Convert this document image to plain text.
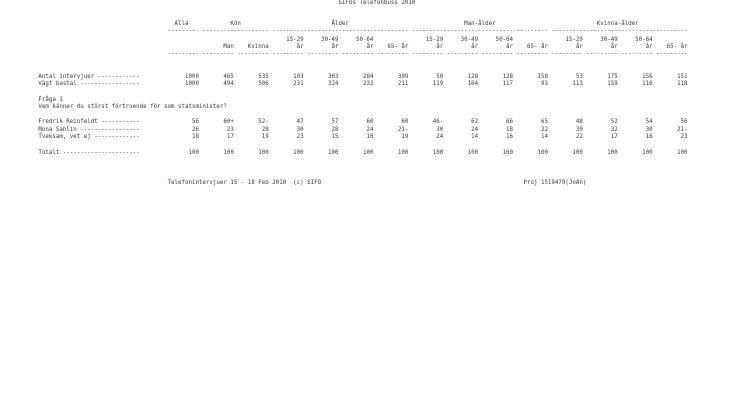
SIFOs Telefonbuss 2010
Alla            Kön                          Ålder                                 Man-ålder                             Kvinna-ålder
--------- ------------------- --------------------------------------- --------------------------------------- ---------------------------------------
15-29     30-49     50-64               15-29     30-49     50-64               15-29     30-49     50-64
Man    Kvinna        år        år        år    65- år        år        år        år    65- år        år        år        år    65- år
--------- --------- --------- --------- --------- --------- --------- --------- --------- --------- --------- --------- --------- --------- ---------
Antal intervjuer ------------             1000       465       535       103       303       284       309        50       128       128       158        53       175       156       151
Vägt bastal -----------------             1000       494       506       231       324       233       211       119       164       117        93       113       159       116       118
Fråga 1
Vem känner du störst förtroende för som statsminister?
Fredrik Reinfeldt -----------               56       60+       52-        47        57        60        60       46-        62        66        65        48        52        54        56
Mona Sahlin -----------------               26        23        28        30        28        24       21-        30        24        18        22        30        32        30       21-
Tveksam, vet ej -------------               18        17        19        23        15        16        19        24        14        16        14        22        17        16        23
Totalt ----------------------              100       100       100       100       100       100       100       100       100       100       100       100       100       100       100
Telefonintervjuer 15 - 18 Feb 2010  (c) SIFO                                                          Proj 1519479(JoAn)
